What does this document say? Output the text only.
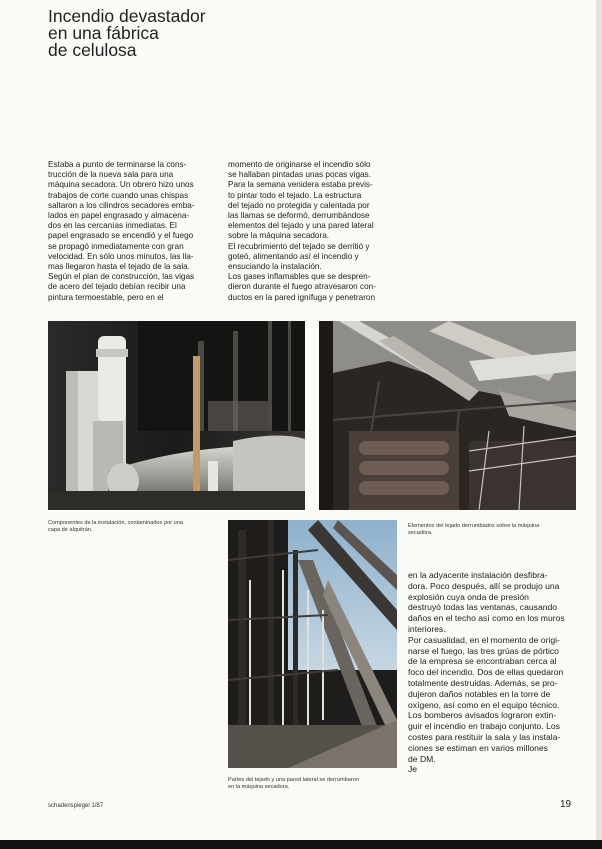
Incendio devastador
en una fábrica
de celulosa

Estaba a punto de terminarse la cons-

trucción de la nueva sala para una

máquina secadora. Un obrero hizo unos

trabajos de corte cuando unas chispas

saltaron a los cilindros secadores emba-

lados en papel engrasado y almacena-

dos en las cercanías inmediatas. El

papel engrasado se encendió y el fuego

se propagó inmediatamente con gran

velocidad. En sólo unos minutos, las lla-

mas llegaron hasta el tejado de la sala.

Según el plan de construcción, las vigas

de acero del tejado debían recibir una

pintura termoestable, pero en el

momento de originarse el incendio sólo

se hallaban pintadas unas pocas vigas.

Para la semana venidera estaba previs-

to pintar todo el tejado. La estructura

del tejado no protegida y calentada por

las llamas se deformó, derrumbándose

elementos del tejado y una pared lateral

sobre la máquina secadora.

El recubrimiento del tejado se derritió y

goteó, alimentando así el incendio y

ensuciando la instalación.

Los gases inflamables que se despren-

dieron durante el fuego atravesaron con-

ductos en la pared ignífuga y penetraron

Componentes de la instalación, contaminados por una

capa de alquitrán.

Elementos del tejado derrumbados sobre la máquina

secadora.

Partes del tejado y una pared lateral se derrumbaron

en la máquina secadora.

en la adyacente instalación desfibra-

dora. Poco después, allí se produjo una

explosión cuya onda de presión

destruyó todas las ventanas, causando

daños en el techo así como en los muros

interiores.

Por casualidad, en el momento de origi-

narse el fuego, las tres grúas de pórtico

de la empresa se encontraban cerca al

foco del incendio. Dos de ellas quedaron

totalmente destruidas. Además, se pro-

dujeron daños notables en la torre de

oxígeno, así como en el equipo técnico.

Los bomberos avisados lograron extin-

guir el incendio en trabajo conjunto. Los

costes para restituir la sala y las instala-

ciones se estiman en varios millones

de DM.

Je

schadenspiegel 1/87	19
